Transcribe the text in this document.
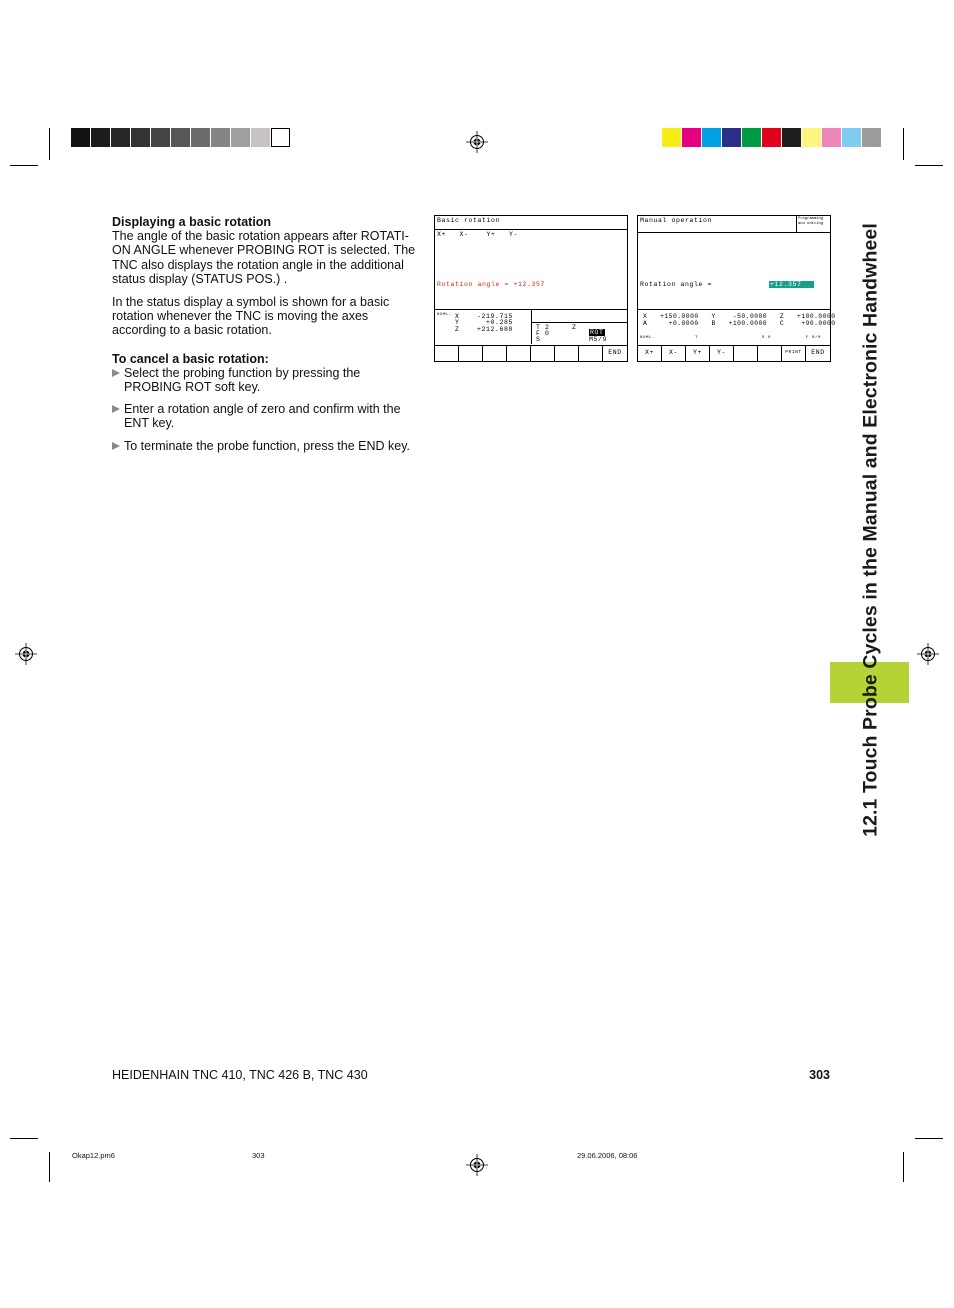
Displaying a basic rotation

The angle of the basic rotation appears after ROTATI-ON ANGLE whenever PROBING ROT is selected. The TNC also displays the rotation angle in the additional status display (STATUS POS.) .

In the status display a symbol is shown for a basic rotation whenever the TNC is moving the axes according to a basic rotation.

To cancel a basic rotation:
Select the probing function by pressing the PROBING ROT soft key.
Enter a rotation angle of zero and confirm with the ENT key.
To terminate the probe function, press the END key.
Basic rotation
X+   X-    Y+   Y-
Rotation angle = +12.357
NOML. X	-219.715
Y	+0.285
Z	+212.680	T 2     Z
F 0
S
ROT
M5/9
END
Manual operation	Programming
and editing
Rotation angle =	+12.357
X   +150.0000   Y    -50.0000   Z   +100.0000
A     +0.0000   B   +100.0000   C    +90.0000
NOML.	T	S 0	F 0/0
X+	X-	Y+	Y-	PRINT	END 12.1 Touch Probe Cycles in the Manual and Electronic Handwheel
HEIDENHAIN TNC 410, TNC 426 B, TNC 430	303
Okap12.pm6	303	29.06.2006, 08:06
